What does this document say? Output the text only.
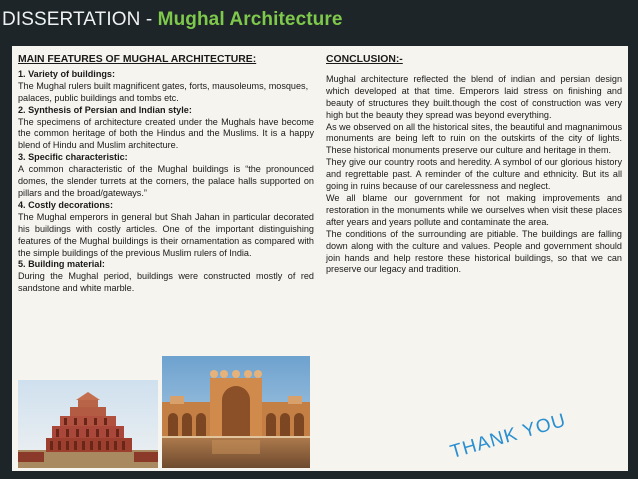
DISSERTATION - Mughal Architecture
MAIN FEATURES OF MUGHAL ARCHITECTURE:
1. Variety of buildings:

The Mughal rulers built magnificent gates, forts, mausoleums, mosques, palaces, public buildings and tombs etc.

2. Synthesis of Persian and Indian style:

The specimens of architecture created under the Mughals have become the common heritage of both the Hindus and the Muslims. It is a happy blend of Hindu and Muslim architecture.

3. Specific characteristic:

A common characteristic of the Mughal buildings is “the pronounced domes, the slender turrets at the corners, the palace halls supported on pillars and the broad/gateways.”

4. Costly decorations:

The Mughal emperors in general but Shah Jahan in particular decorated his buildings with costly articles. One of the important distinguishing features of the Mughal buildings is their ornamentation as compared with the simple buildings of the previous Muslim rulers of India.

5. Building material:

During the Mughal period, buildings were constructed mostly of red sandstone and white marble.

CONCLUSION:-

Mughal architecture reflected the blend of indian and persian design which developed at that time. Emperors laid stress on finishing and beauty of structures they built.though the cost of construction was very high but the beauty they spread was beyond everything.

As we observed on all the historical sites, the beautiful and magnanimous monuments are being left to ruin on the outskirts of the city of lights. These historical monuments preserve our culture and heritage in them.

They give our country roots and heredity. A symbol of our glorious history and regrettable past. A reminder of the culture and ethnicity. But its all going in ruins because of our carelessness and neglect.

We all blame our government for not making improvements and restoration in the monuments while we ourselves when visit these places after years and years pollute and contaminate the area.

The conditions of the surrounding are pitiable. The buildings are falling down along with the culture and values. People and government should join hands and help restore these historical buildings, so that we can preserve our legacy and tradition.

THANK YOU
